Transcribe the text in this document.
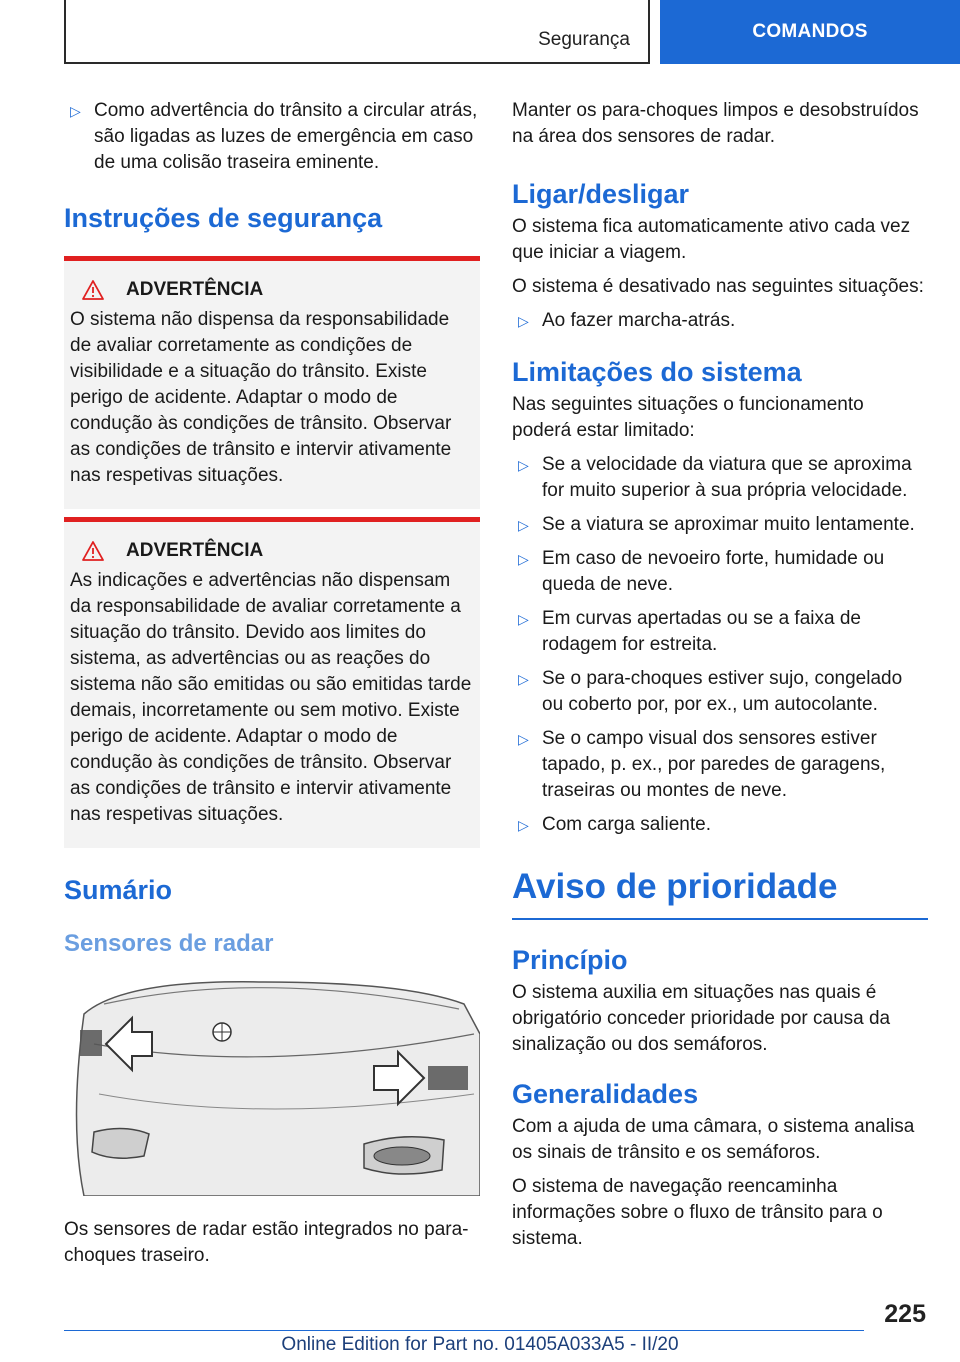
Segurança	COMANDOS
▷ Como advertência do trânsito a circular atrás, são ligadas as luzes de emergência em caso de uma colisão traseira eminente.
Instruções de segurança
ADVERTÊNCIA

O sistema não dispensa da responsabilidade de avaliar corretamente as condições de visibilidade e a situação do trânsito. Existe perigo de acidente. Adaptar o modo de condução às condições de trânsito. Observar as condições de trânsito e intervir ativamente nas respetivas situações.

ADVERTÊNCIA

As indicações e advertências não dispensam da responsabilidade de avaliar corretamente a situação do trânsito. Devido aos limites do sistema, as advertências ou as reações do sistema não são emitidas ou são emitidas tarde demais, incorretamente ou sem motivo. Existe perigo de acidente. Adaptar o modo de condução às condições de trânsito. Observar as condições de trânsito e intervir ativamente nas respetivas situações.

Sumário
Sensores de radar

Os sensores de radar estão integrados no para-choques traseiro.

Manter os para-choques limpos e desobstruídos na área dos sensores de radar.

Ligar/desligar

O sistema fica automaticamente ativo cada vez que iniciar a viagem.

O sistema é desativado nas seguintes situações:

▷ Ao fazer marcha-atrás.
Limitações do sistema

Nas seguintes situações o funcionamento poderá estar limitado:

▷ Se a velocidade da viatura que se aproxima for muito superior à sua própria velocidade.
▷ Se a viatura se aproximar muito lentamente.
▷ Em caso de nevoeiro forte, humidade ou queda de neve.
▷ Em curvas apertadas ou se a faixa de rodagem for estreita.
▷ Se o para-choques estiver sujo, congelado ou coberto por, por ex., um autocolante.
▷ Se o campo visual dos sensores estiver tapado, p. ex., por paredes de garagens, traseiras ou montes de neve.
▷ Com carga saliente.
Aviso de prioridade
Princípio

O sistema auxilia em situações nas quais é obrigatório conceder prioridade por causa da sinalização ou dos semáforos.

Generalidades

Com a ajuda de uma câmara, o sistema analisa os sinais de trânsito e os semáforos.

O sistema de navegação reencaminha informações sobre o fluxo de trânsito para o sistema.

225
Online Edition for Part no. 01405A033A5 - II/20
